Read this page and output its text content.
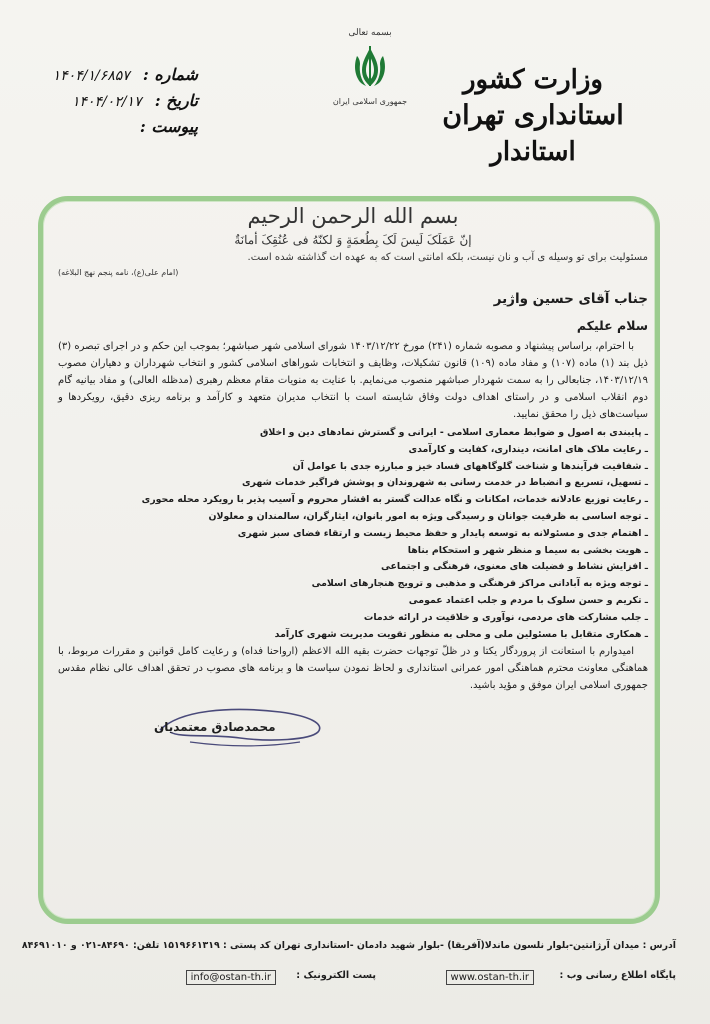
وزارت کشور
استانداری تهران
استاندار
بسمه تعالی
جمهوری اسلامی ایران
شماره : ۱۴۰۴/۱/۶۸۵۷
تاریخ : ۱۴۰۴/۰۲/۱۷
پیوست :
بسم الله الرحمن الرحیم
إنّ عَمَلَکَ لَیسَ لَکَ بِطُعمَةٍ وَ لکنّهُ فی عُنُقِکَ أمانَةٌ
مسئولیت برای تو وسیله ی آب و نان نیست، بلکه امانتی است که به عهده ات گذاشته شده است.
(امام علی(ع)، نامه پنجم نهج البلاغه)
جناب آقای حسین واژیر
سلام علیکم

با احترام، براساس پیشنهاد و مصوبه شماره (۲۴۱) مورخ ۱۴۰۳/۱۲/۲۲ شورای اسلامی شهر صباشهر؛ بموجب این حکم و در اجرای تبصره (۳) ذیل بند (۱) ماده (۱۰۷) و مفاد ماده (۱۰۹) قانون تشکیلات، وظایف و انتخابات شوراهای اسلامی کشور و انتخاب شهرداران و دهیاران مصوب ۱۴۰۳/۱۲/۱۹، جنابعالی را به سمت شهردار صباشهر منصوب می‌نمایم. با عنایت به منویات مقام معظم رهبری (مدظله العالی) و مفاد بیانیه گام دوم انقلاب اسلامی و در راستای اهداف دولت وفاق شایسته است با انتخاب مدیران متعهد و کارآمد و برنامه ریزی دقیق، رویکردها و سیاست‌های ذیل را محقق نمایید.

ـ پایبندی به اصول و ضوابط معماری اسلامی - ایرانی و گسترش نمادهای دین و اخلاق
ـ رعایت ملاک های امانت، دینداری، کفایت و کارآمدی
ـ شفافیت فرآیندها و شناخت گلوگاههای فساد خیز و مبارزه جدی با عوامل آن
ـ تسهیل، تسریع و انضباط در خدمت رسانی به شهروندان و پوشش فراگیر خدمات شهری
ـ رعایت توزیع عادلانه خدمات، امکانات و نگاه عدالت گستر به اقشار محروم و آسیب پذیر با رویکرد محله محوری
ـ توجه اساسی به ظرفیت جوانان و رسیدگی ویژه به امور بانوان، ایثارگران، سالمندان و معلولان
ـ اهتمام جدی و مسئولانه به توسعه پایدار و حفظ محیط زیست و ارتقاء فضای سبز شهری
ـ هویت بخشی به سیما و منظر شهر و استحکام بناها
ـ افزایش نشاط و فضیلت های معنوی، فرهنگی و اجتماعی
ـ توجه ویژه به آبادانی مراکز فرهنگی و مذهبی و ترویج هنجارهای اسلامی
ـ تکریم و حسن سلوک با مردم و جلب اعتماد عمومی
ـ جلب مشارکت های مردمی، نوآوری و خلاقیت در ارائه خدمات
ـ همکاری متقابل با مسئولین ملی و محلی به منظور تقویت مدیریت شهری کارآمد

امیدوارم با استعانت از پروردگار یکتا و در ظلّ توجهات حضرت بقیه الله الاعظم (ارواحنا فداه) و رعایت کامل قوانین و مقررات مربوط، با هماهنگی معاونت محترم هماهنگی امور عمرانی استانداری و لحاظ نمودن سیاست ها و برنامه های مصوب در تحقق اهداف عالی نظام مقدس جمهوری اسلامی ایران موفق و مؤید باشید.

محمدصادق معتمدیان
آدرس : میدان آرژانتین-بلوار نلسون ماندلا(آفریقا) -بلوار شهید دادمان -استانداری تهران کد پستی : ۱۵۱۹۶۶۱۳۱۹ تلفن: ۸۴۶۹۰-۰۲۱ و ۸۴۶۹۱۰۱۰
پایگاه اطلاع رسانی وب :
www.ostan-th.ir
پست الکترونیک :
info@ostan-th.ir
